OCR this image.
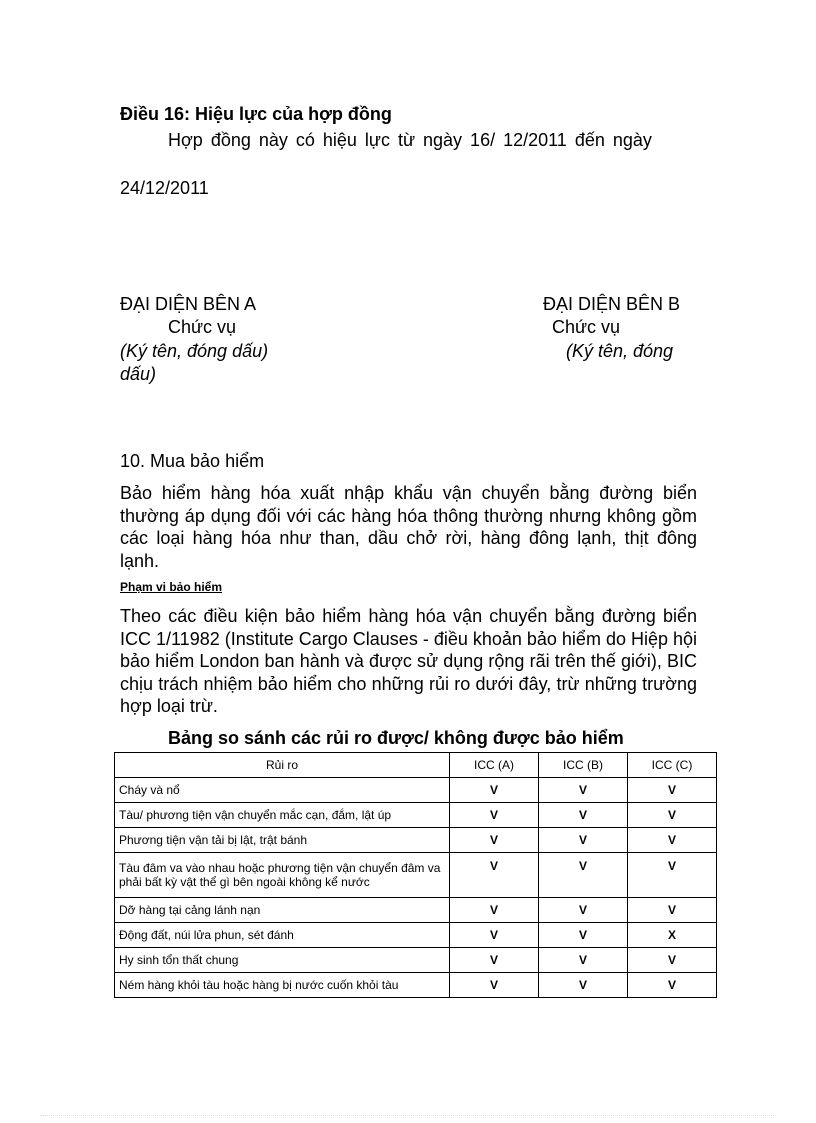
Điều 16: Hiệu lực của hợp đồng
Hợp đồng này có hiệu lực từ ngày 16/ 12/2011 đến ngày
24/12/2011
ĐẠI DIỆN BÊN A
Chức vụ
(Ký tên, đóng dấu)
dấu)
ĐẠI DIỆN BÊN B
Chức vụ
(Ký tên, đóng
10. Mua bảo hiểm
Bảo hiểm hàng hóa xuất nhập khẩu vận chuyển bằng đường biển thường áp dụng đối với các hàng hóa thông thường nhưng không gồm các loại hàng hóa như than, dầu chở rời, hàng đông lạnh, thịt đông lạnh.
Phạm vi bảo hiểm
Theo các điều kiện bảo hiểm hàng hóa vận chuyển bằng đường biển ICC 1/11982 (Institute Cargo Clauses - điều khoản bảo hiểm do Hiệp hội bảo hiểm London ban hành và được sử dụng rộng rãi trên thế giới), BIC chịu trách nhiệm bảo hiểm cho những rủi ro dưới đây, trừ những trường hợp loại trừ.
Bảng so sánh các rủi ro được/ không được bảo hiểm
Rủi ro	ICC (A)	ICC (B)	ICC (C)
Cháy và nổ	V	V	V
Tàu/ phương tiện vận chuyển mắc cạn, đắm, lật úp	V	V	V
Phương tiện vận tải bị lật, trật bánh	V	V	V
Tàu đâm va vào nhau hoặc phương tiện vận chuyển đâm va phải bất kỳ vật thể gì bên ngoài không kể nước	V	V	V
Dỡ hàng tại cảng lánh nạn	V	V	V
Động đất, núi lửa phun, sét đánh	V	V	X
Hy sinh tổn thất chung	V	V	V
Ném hàng khỏi tàu hoặc hàng bị nước cuốn khỏi tàu	V	V	V
